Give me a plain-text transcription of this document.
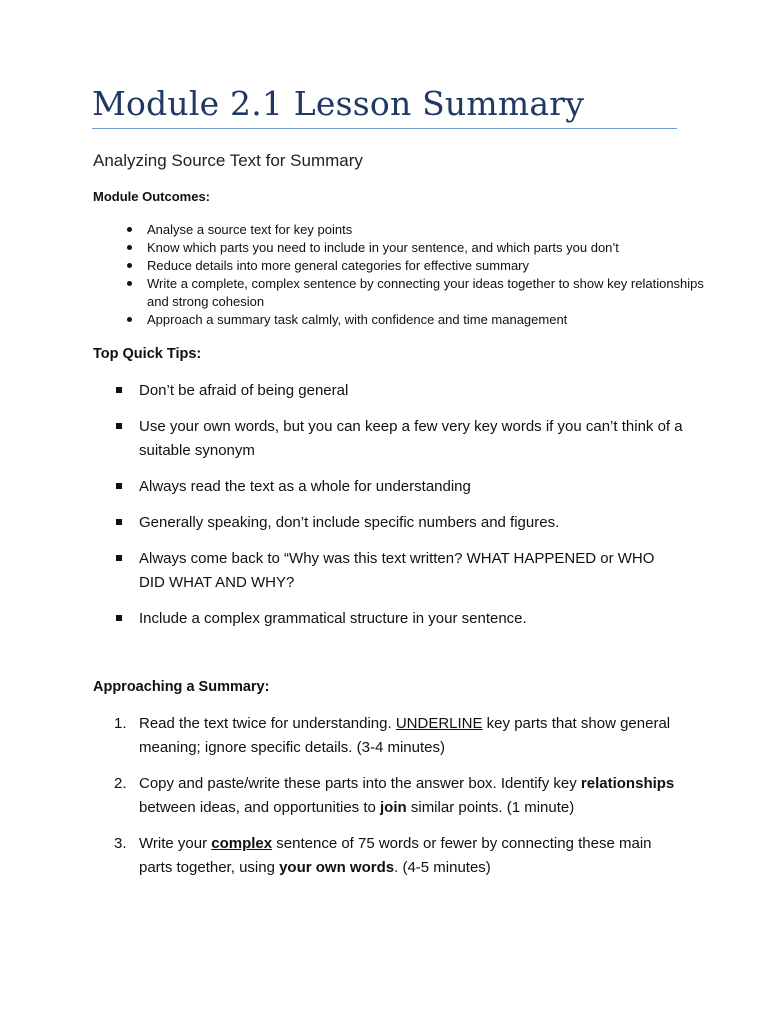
Module 2.1 Lesson Summary
Analyzing Source Text for Summary
Module Outcomes:
Analyse a source text for key points
Know which parts you need to include in your sentence, and which parts you don’t
Reduce details into more general categories for effective summary
Write a complete, complex sentence by connecting your ideas together to show key relationships and strong cohesion
Approach a summary task calmly, with confidence and time management
Top Quick Tips:
Don’t be afraid of being general
Use your own words, but you can keep a few very key words if you can’t think of a suitable synonym
Always read the text as a whole for understanding
Generally speaking, don’t include specific numbers and figures.
Always come back to “Why was this text written? WHAT HAPPENED or WHO DID WHAT AND WHY?
Include a complex grammatical structure in your sentence.
Approaching a Summary:
1. Read the text twice for understanding. UNDERLINE key parts that show general meaning; ignore specific details. (3-4 minutes)
2. Copy and paste/write these parts into the answer box. Identify key relationships between ideas, and opportunities to join similar points. (1 minute)
3. Write your complex sentence of 75 words or fewer by connecting these main parts together, using your own words. (4-5 minutes)
